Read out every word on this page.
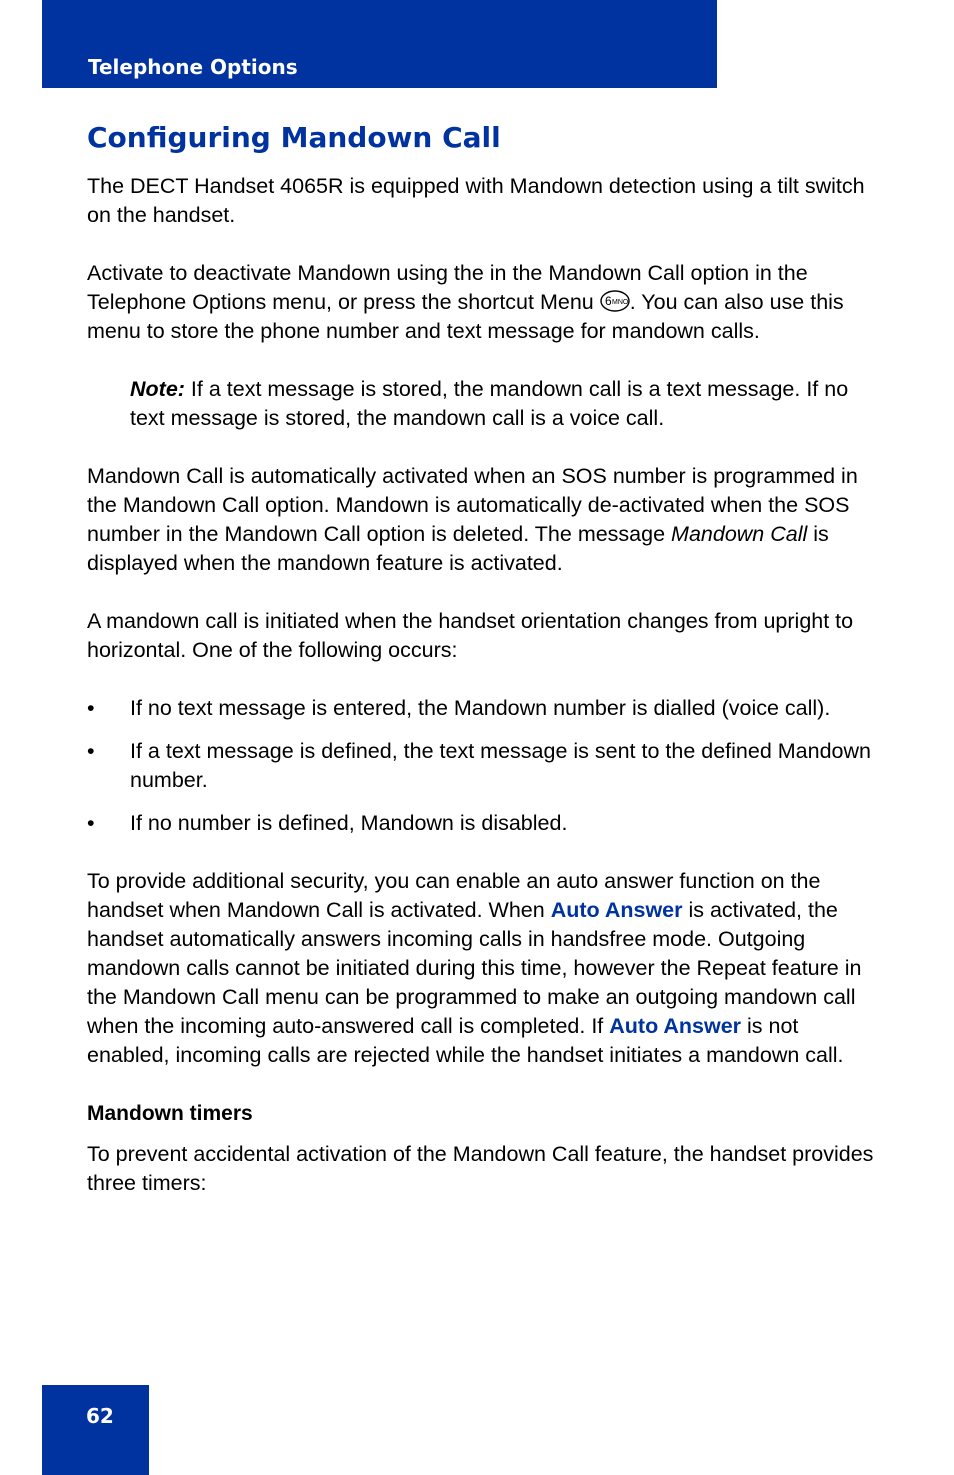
Telephone Options
Configuring Mandown Call

The DECT Handset 4065R is equipped with Mandown detection using a tilt switch on the handset.

Activate to deactivate Mandown using the in the Mandown Call option in the Telephone Options menu, or press the shortcut Menu 6 MNO . You can also use this menu to store the phone number and text message for mandown calls.

Note: If a text message is stored, the mandown call is a text message. If no text message is stored, the mandown call is a voice call.

Mandown Call is automatically activated when an SOS number is programmed in the Mandown Call option. Mandown is automatically de-activated when the SOS number in the Mandown Call option is deleted. The message Mandown Call is displayed when the mandown feature is activated.

A mandown call is initiated when the handset orientation changes from upright to horizontal. One of the following occurs:

• If no text message is entered, the Mandown number is dialled (voice call).
• If a text message is defined, the text message is sent to the defined Mandown number.
• If no number is defined, Mandown is disabled.

To provide additional security, you can enable an auto answer function on the handset when Mandown Call is activated. When Auto Answer is activated, the handset automatically answers incoming calls in handsfree mode. Outgoing mandown calls cannot be initiated during this time, however the Repeat feature in the Mandown Call menu can be programmed to make an outgoing mandown call when the incoming auto-answered call is completed. If Auto Answer is not enabled, incoming calls are rejected while the handset initiates a mandown call.

Mandown timers

To prevent accidental activation of the Mandown Call feature, the handset provides three timers:

62
